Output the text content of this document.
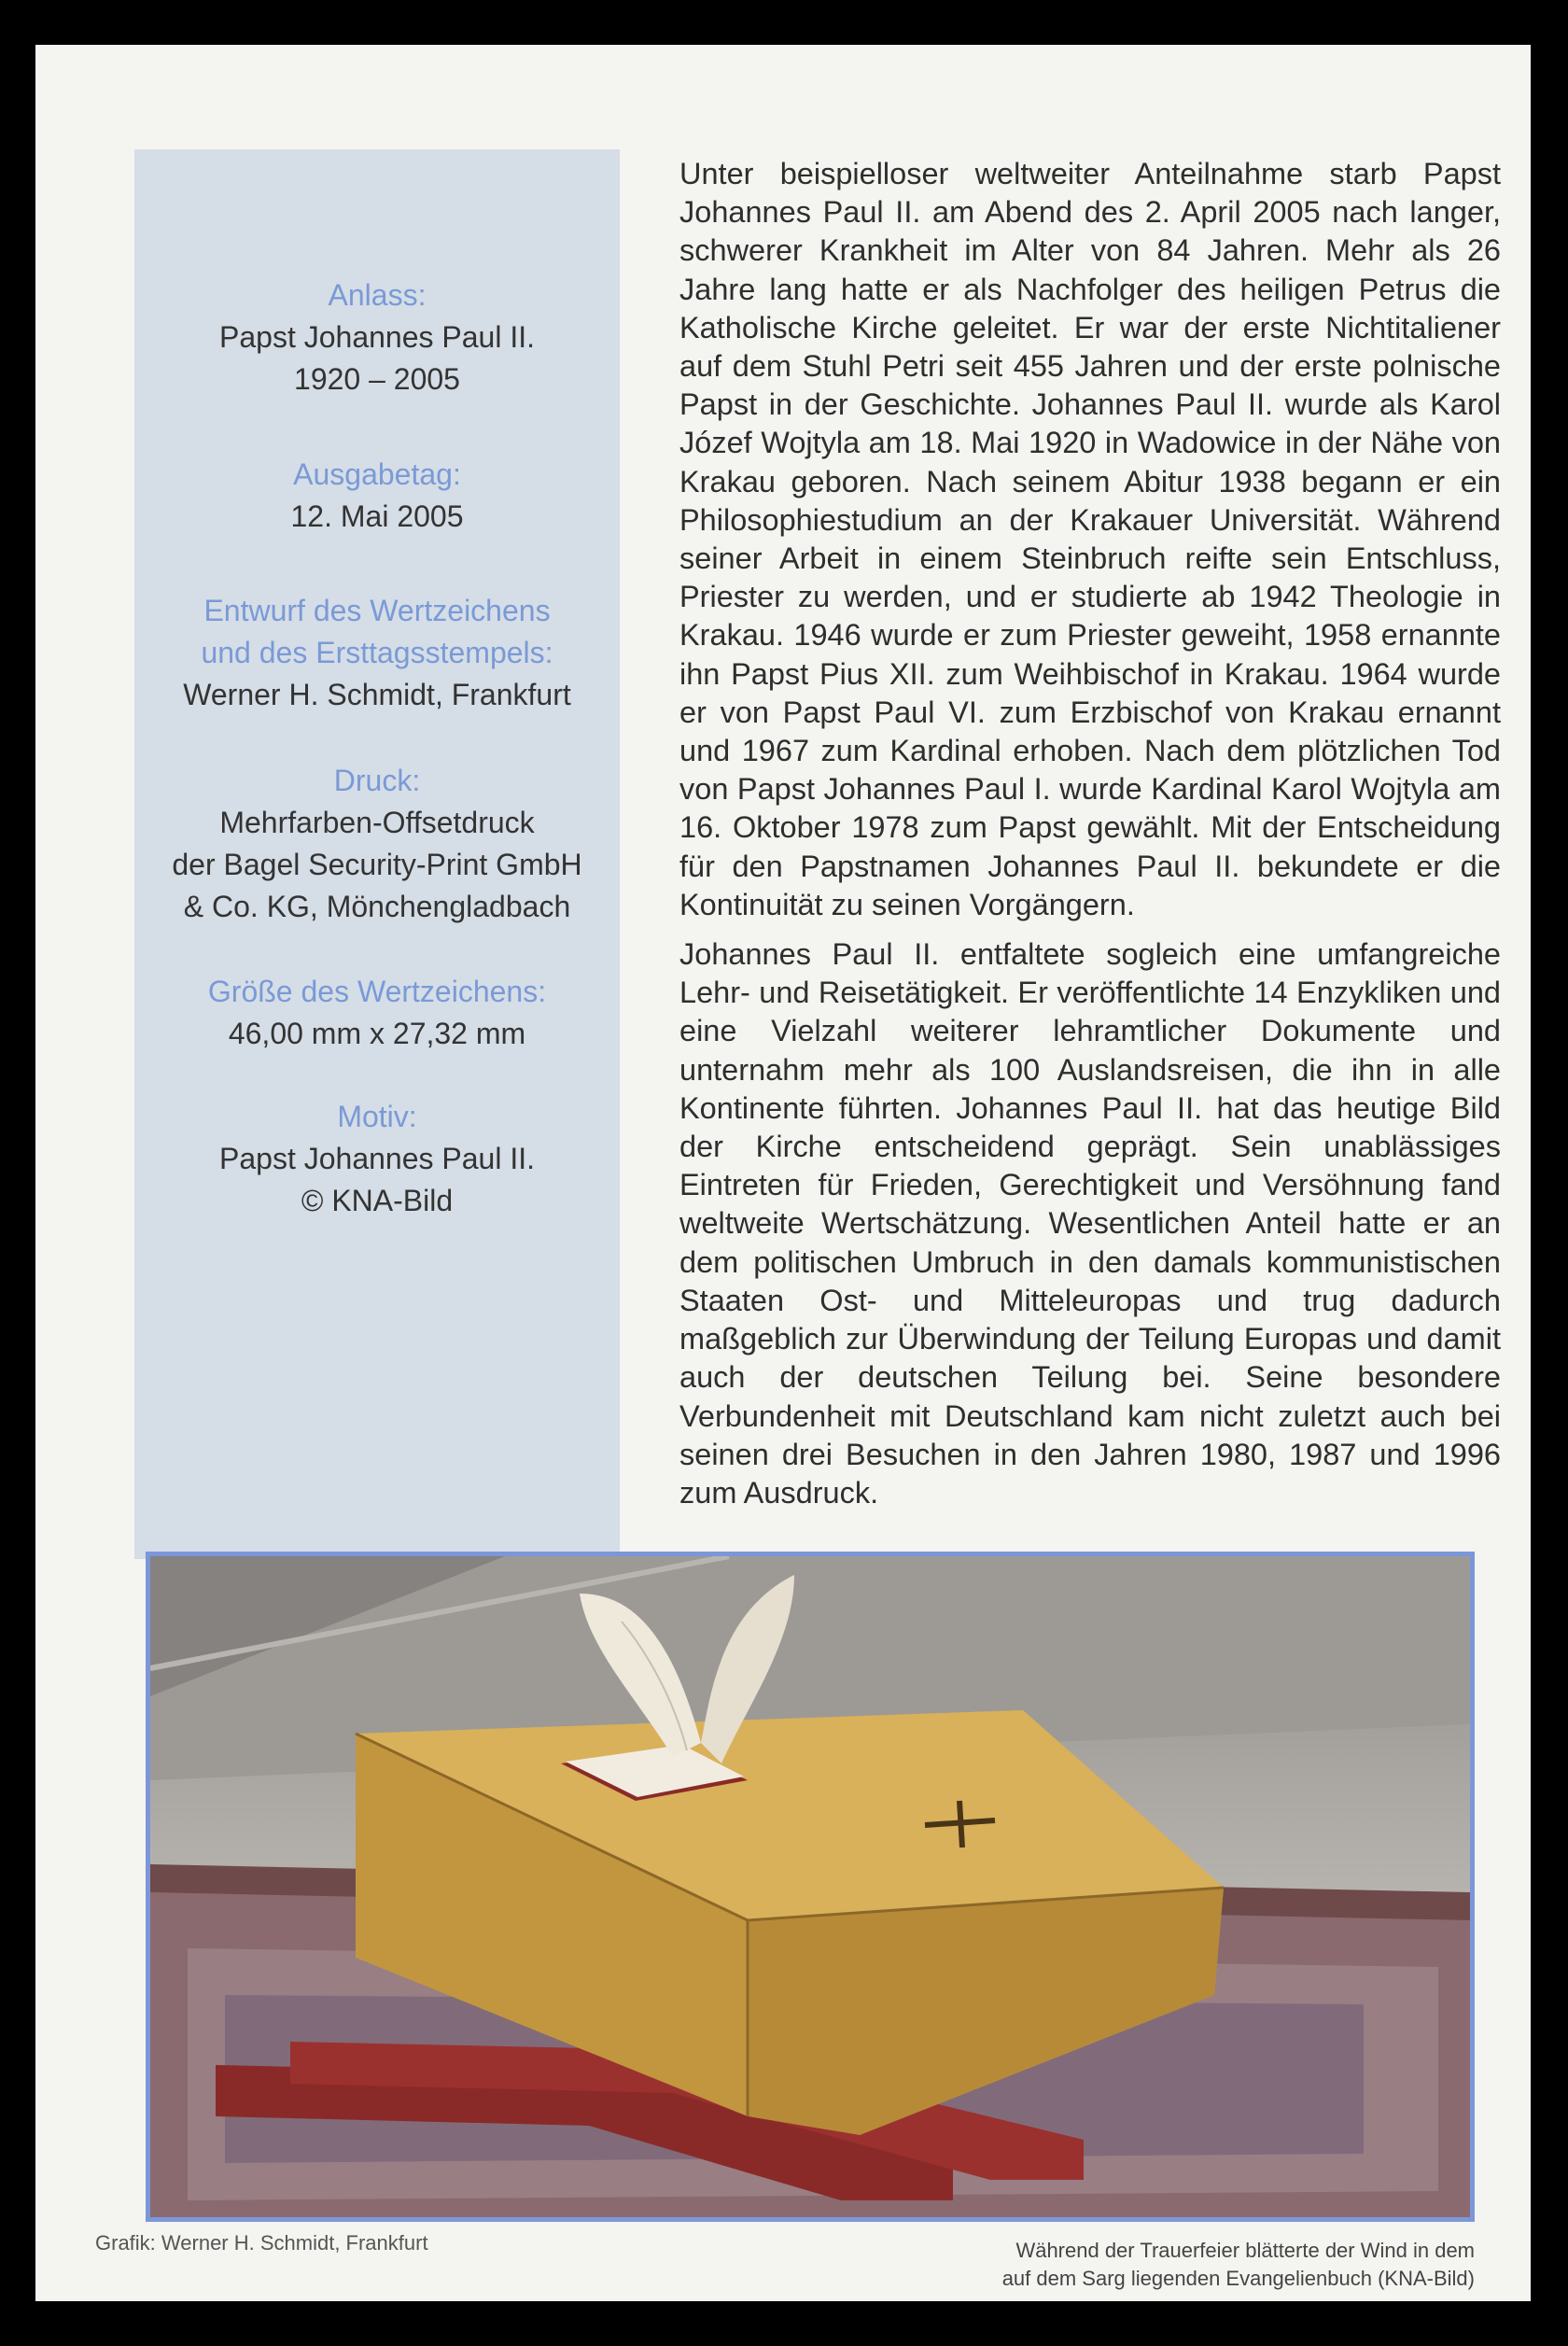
Anlass:
Papst Johannes Paul II.
1920 – 2005
Ausgabetag:
12. Mai 2005
Entwurf des Wertzeichens
und des Ersttagsstempels:
Werner H. Schmidt, Frankfurt
Druck:
Mehrfarben-Offsetdruck
der Bagel Security-Print GmbH
& Co. KG, Mönchengladbach
Größe des Wertzeichens:
46,00 mm x 27,32 mm
Motiv:
Papst Johannes Paul II.
© KNA-Bild

Unter beispielloser weltweiter Anteilnahme starb Papst Johannes Paul II. am Abend des 2. April 2005 nach langer, schwerer Krankheit im Alter von 84 Jahren. Mehr als 26 Jahre lang hatte er als Nachfolger des heiligen Petrus die Katholische Kirche geleitet. Er war der erste Nichtitaliener auf dem Stuhl Petri seit 455 Jahren und der erste polnische Papst in der Geschichte. Johannes Paul II. wurde als Karol Józef Wojtyla am 18. Mai 1920 in Wadowice in der Nähe von Krakau geboren. Nach seinem Abitur 1938 begann er ein Philosophiestudium an der Krakauer Universität. Während seiner Arbeit in einem Steinbruch reifte sein Entschluss, Priester zu werden, und er studierte ab 1942 Theologie in Krakau. 1946 wurde er zum Priester geweiht, 1958 ernannte ihn Papst Pius XII. zum Weihbischof in Krakau. 1964 wurde er von Papst Paul VI. zum Erzbischof von Krakau ernannt und 1967 zum Kardinal erhoben. Nach dem plötzlichen Tod von Papst Johannes Paul I. wurde Kardinal Karol Wojtyla am 16. Oktober 1978 zum Papst gewählt. Mit der Entscheidung für den Papstnamen Johannes Paul II. bekundete er die Kontinuität zu seinen Vorgängern.

Johannes Paul II. entfaltete sogleich eine umfangreiche Lehr- und Reisetätigkeit. Er veröffentlichte 14 Enzykliken und eine Vielzahl weiterer lehramtlicher Dokumente und unternahm mehr als 100 Auslandsreisen, die ihn in alle Kontinente führten. Johannes Paul II. hat das heutige Bild der Kirche entscheidend geprägt. Sein unablässiges Eintreten für Frieden, Gerechtigkeit und Versöhnung fand weltweite Wertschätzung. Wesentlichen Anteil hatte er an dem politischen Umbruch in den damals kommunistischen Staaten Ost- und Mitteleuropas und trug dadurch maßgeblich zur Überwindung der Teilung Europas und damit auch der deutschen Teilung bei. Seine besondere Verbundenheit mit Deutschland kam nicht zuletzt auch bei seinen drei Besuchen in den Jahren 1980, 1987 und 1996 zum Ausdruck.

Grafik: Werner H. Schmidt, Frankfurt	Während der Trauerfeier blätterte der Wind in dem
auf dem Sarg liegenden Evangelienbuch (KNA-Bild)
